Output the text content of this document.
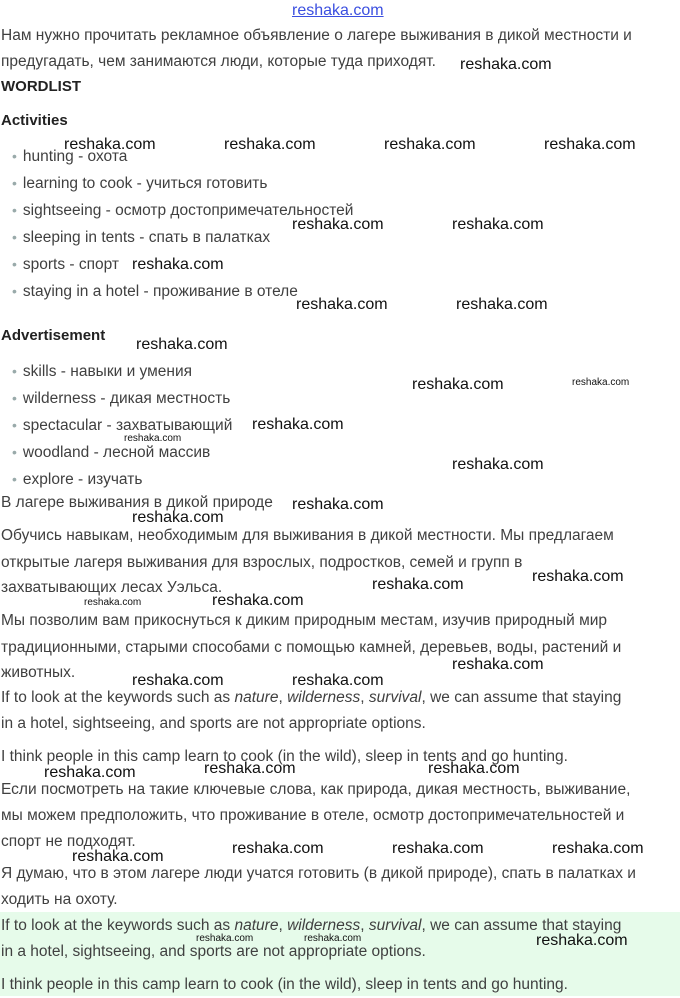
reshaka.com
Нам нужно прочитать рекламное объявление о лагере выживания в дикой местности и
предугадать, чем занимаются люди, которые туда приходят.
WORDLIST
Activities
• hunting - охота
• learning to cook - учиться готовить
• sightseeing - осмотр достопримечательностей
• sleeping in tents - спать в палатках
• sports - спорт
• staying in a hotel - проживание в отеле
Advertisement
• skills - навыки и умения
• wilderness - дикая местность
• spectacular - захватывающий
• woodland - лесной массив
• explore - изучать
В лагере выживания в дикой природе
Обучись навыкам, необходимым для выживания в дикой местности. Мы предлагаем
открытые лагеря выживания для взрослых, подростков, семей и групп в
захватывающих лесах Уэльса.
Мы позволим вам прикоснуться к диким природным местам, изучив природный мир
традиционными, старыми способами с помощью камней, деревьев, воды, растений и
животных.
If to look at the keywords such as nature, wilderness, survival, we can assume that staying
in a hotel, sightseeing, and sports are not appropriate options.
I think people in this camp learn to cook (in the wild), sleep in tents and go hunting.
Если посмотреть на такие ключевые слова, как природа, дикая местность, выживание,
мы можем предположить, что проживание в отеле, осмотр достопримечательностей и
спорт не подходят.
Я думаю, что в этом лагере люди учатся готовить (в дикой природе), спать в палатках и
ходить на охоту.
If to look at the keywords such as nature, wilderness, survival, we can assume that staying
in a hotel, sightseeing, and sports are not appropriate options.
I think people in this camp learn to cook (in the wild), sleep in tents and go hunting.
reshaka.com
reshaka.com	reshaka.com	reshaka.com	reshaka.com
reshaka.com	reshaka.com
reshaka.com
reshaka.com	reshaka.com
reshaka.com
reshaka.com	reshaka.com
reshaka.com
reshaka.com
reshaka.com
reshaka.com
reshaka.com
reshaka.com
reshaka.com
reshaka.com	reshaka.com
reshaka.com
reshaka.com	reshaka.com
reshaka.com	reshaka.com	reshaka.com
reshaka.com	reshaka.com	reshaka.com	reshaka.com
reshaka.com	reshaka.com	reshaka.com
